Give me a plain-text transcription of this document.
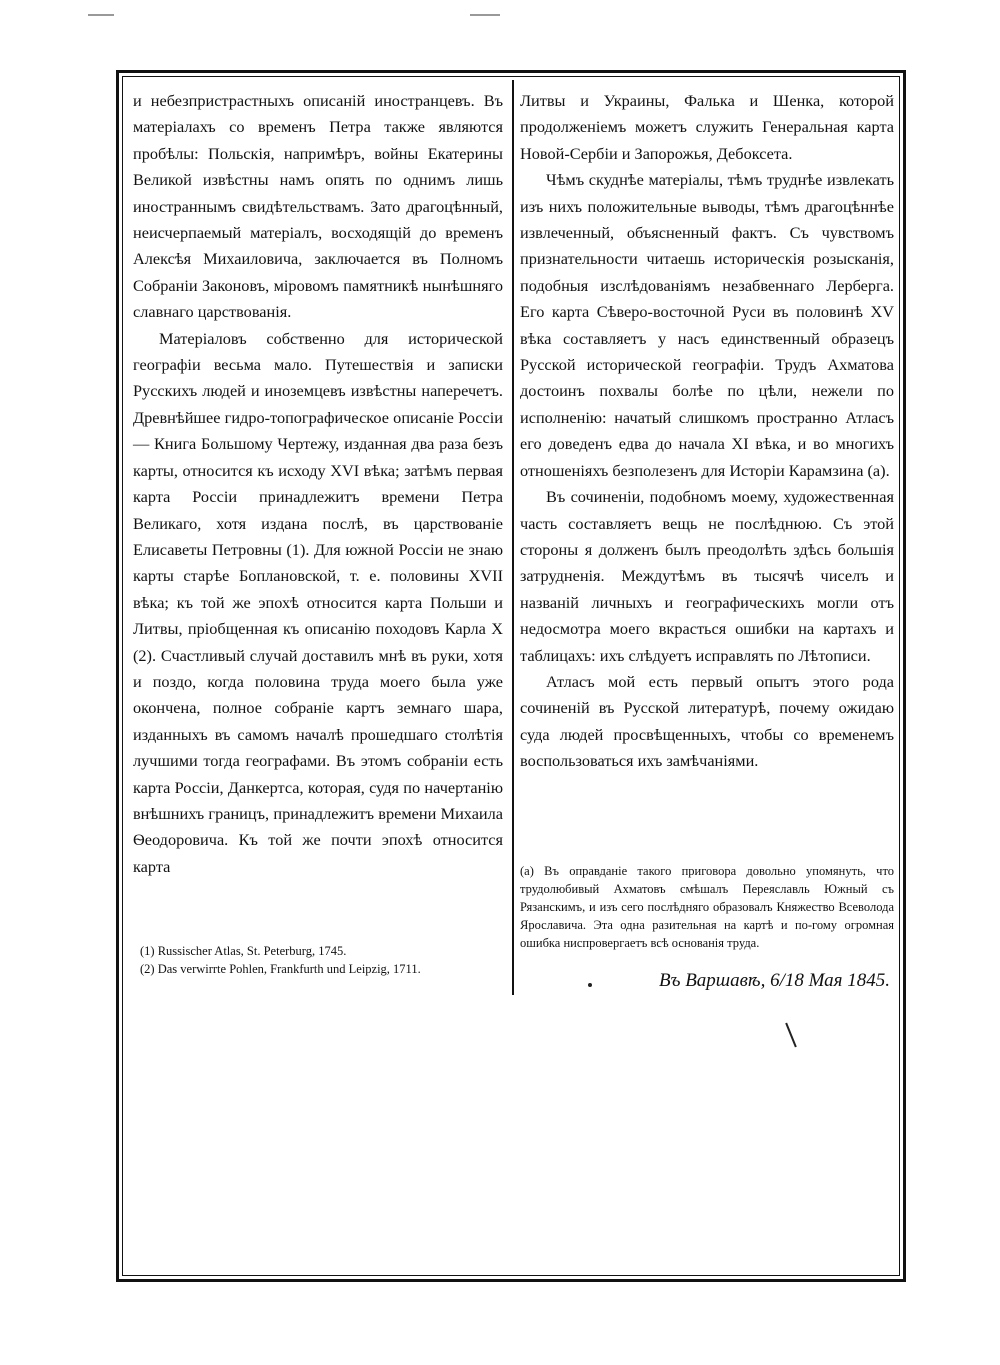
и небезпристрастныхъ описаній иностранцевъ. Въ матеріалахъ со временъ Петра также являются пробѣлы: Польскія, напримѣръ, войны Екатерины Великой извѣстны намъ опять по однимъ лишь иностраннымъ свидѣтельствамъ. Зато драгоцѣнный, неисчерпаемый матеріалъ, восходящій до временъ Алексѣя Михаиловича, заключается въ Полномъ Собраніи Законовъ, міровомъ памятникѣ нынѣшняго славнаго царствованія.

Матеріаловъ собственно для исторической географіи весьма мало. Путешествія и записки Русскихъ людей и иноземцевъ извѣстны наперечетъ. Древнѣйшее гидро-топографическое описаніе Россіи — Книга Большому Чертежу, изданная два раза безъ карты, относится къ исходу XVI вѣка; затѣмъ первая карта Россіи принадлежитъ времени Петра Великаго, хотя издана послѣ, въ царствованіе Елисаветы Петровны (1). Для южной Россіи не знаю карты старѣе Боплановской, т. е. половины XVII вѣка; къ той же эпохѣ относится карта Польши и Литвы, пріобщенная къ описанію походовъ Карла X (2). Счастливый случай доставилъ мнѣ въ руки, хотя и поздо, когда половина труда моего была уже окончена, полное собраніе картъ земнаго шара, изданныхъ въ самомъ началѣ прошедшаго столѣтія лучшими тогда географами. Въ этомъ собраніи есть карта Россіи, Данкертса, которая, судя по начертанію внѣшнихъ границъ, принадлежитъ времени Михаила Ѳеодоровича. Къ той же почти эпохѣ относится карта

Литвы и Украины, Фалька и Шенка, которой продолженіемъ можетъ служить Генеральная карта Новой-Сербіи и Запорожья, Дебоксета.

Чѣмъ скуднѣе матеріалы, тѣмъ труднѣе извлекать изъ нихъ положительные выводы, тѣмъ драгоцѣннѣе извлеченный, объясненный фактъ. Съ чувствомъ признательности читаешь историческія розысканія, подобныя изслѣдованіямъ незабвеннаго Лерберга. Его карта Сѣверо-восточной Руси въ половинѣ XV вѣка составляетъ у насъ единственный образецъ Русской исторической географіи. Трудъ Ахматова достоинъ похвалы болѣе по цѣли, нежели по исполненію: начатый слишкомъ пространно Атласъ его доведенъ едва до начала XI вѣка, и во многихъ отношеніяхъ безполезенъ для Исторіи Карамзина (а).

Въ сочиненіи, подобномъ моему, художественная часть составляетъ вещь не послѣднюю. Съ этой стороны я долженъ былъ преодолѣть здѣсь большія затрудненія. Междутѣмъ въ тысячѣ чиселъ и названій личныхъ и географическихъ могли отъ недосмотра моего вкрасться ошибки на картахъ и таблицахъ: ихъ слѣдуетъ исправлять по Лѣтописи.

Атласъ мой есть первый опытъ этого рода сочиненій въ Русской литературѣ, почему ожидаю суда людей просвѣщенныхъ, чтобы со временемъ воспользоваться ихъ замѣчаніями.

(1) Russischer Atlas, St. Peterburg, 1745.
(2) Das verwirrte Pohlen, Frankfurth und Leipzig, 1711.
(а) Въ оправданіе такого приговора довольно упомянуть, что трудолюбивый Ахматовъ смѣшалъ Переяславль Южный съ Рязанскимъ, и изъ сего послѣдняго образовалъ Княжество Всеволода Ярославича. Эта одна разительная на картѣ и по-гому огромная ошибка ниспровергаетъ всѣ основанія труда.
Въ Варшавѣ, 6/18 Мая 1845.
